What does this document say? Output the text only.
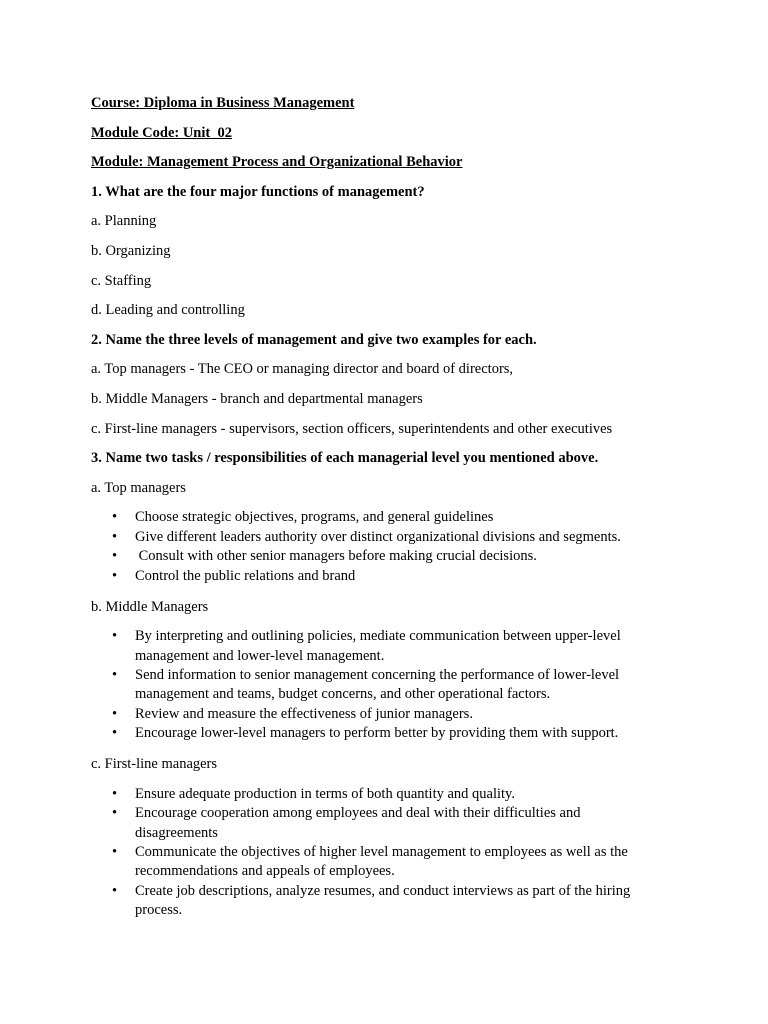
Course: Diploma in Business Management
Module Code: Unit_02
Module: Management Process and Organizational Behavior
1. What are the four major functions of management?
a. Planning
b. Organizing
c. Staffing
d. Leading and controlling
2. Name the three levels of management and give two examples for each.
a. Top managers - The CEO or managing director and board of directors,
b. Middle Managers - branch and departmental managers
c. First-line managers - supervisors, section officers, superintendents and other executives
3. Name two tasks / responsibilities of each managerial level you mentioned above.
a. Top managers
• Choose strategic objectives, programs, and general guidelines
• Give different leaders authority over distinct organizational divisions and segments.
• Consult with other senior managers before making crucial decisions.
• Control the public relations and brand
b. Middle Managers
• By interpreting and outlining policies, mediate communication between upper-level management and lower-level management.
• Send information to senior management concerning the performance of lower-level management and teams, budget concerns, and other operational factors.
• Review and measure the effectiveness of junior managers.
• Encourage lower-level managers to perform better by providing them with support.
c. First-line managers
• Ensure adequate production in terms of both quantity and quality.
• Encourage cooperation among employees and deal with their difficulties and disagreements
• Communicate the objectives of higher level management to employees as well as the recommendations and appeals of employees.
• Create job descriptions, analyze resumes, and conduct interviews as part of the hiring process.
